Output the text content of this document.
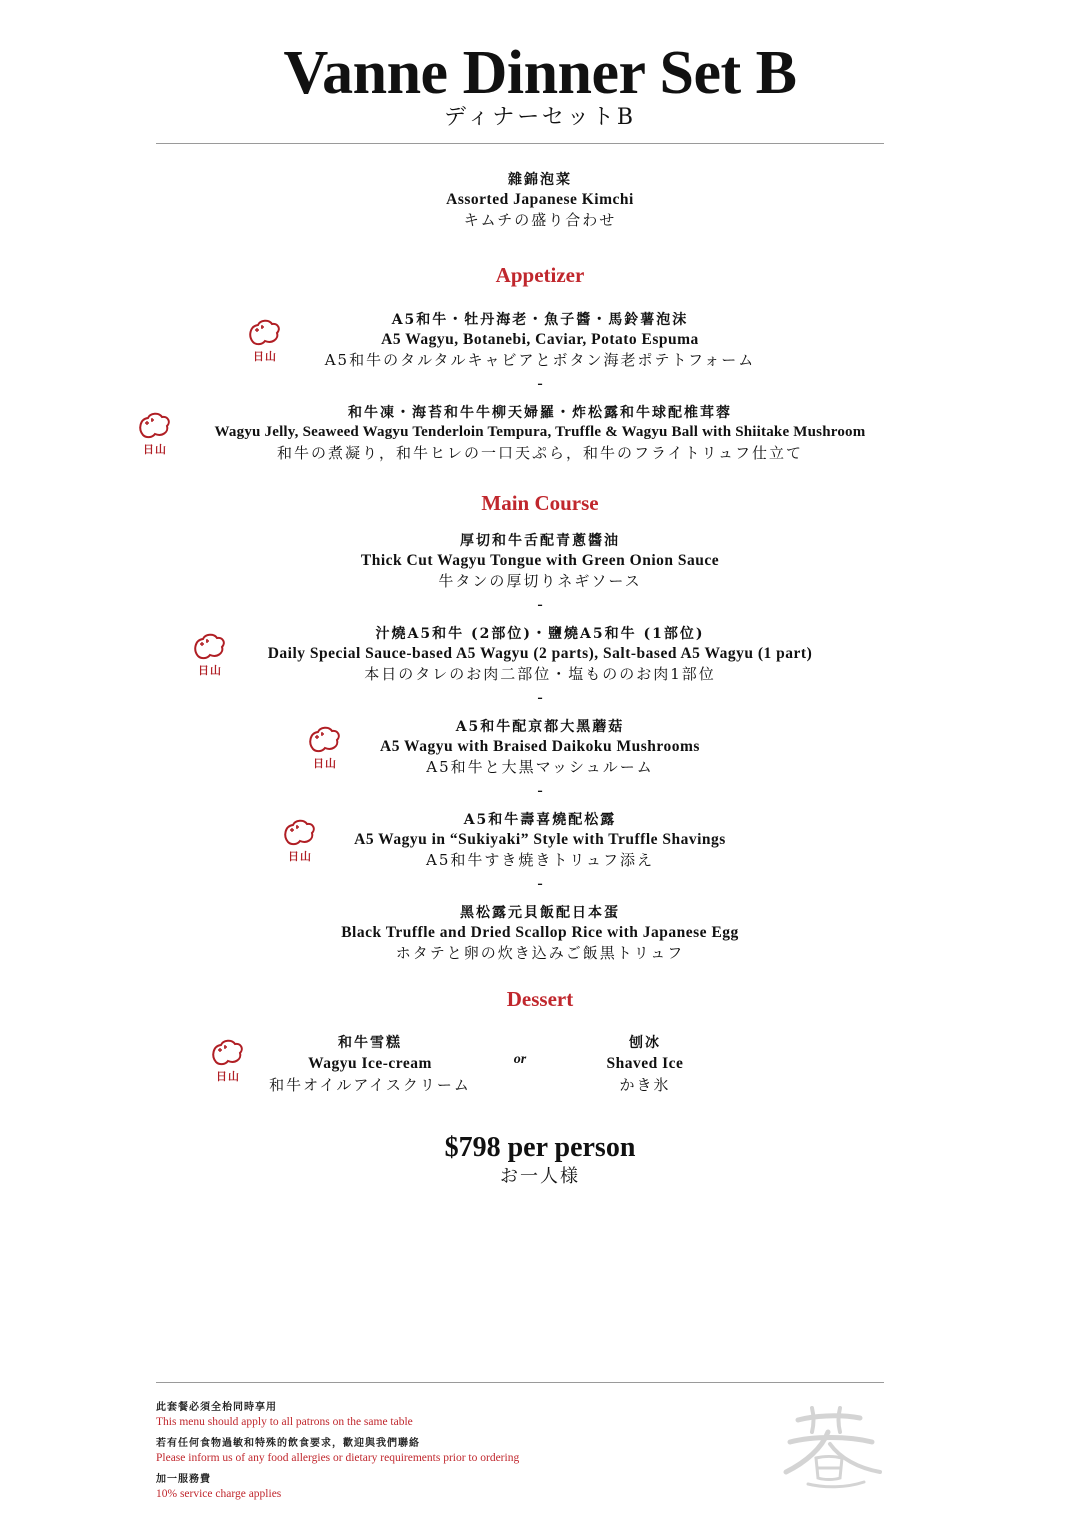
Vanne Dinner Set B
ディナーセットB
雜錦泡菜
Assorted Japanese Kimchi
キムチの盛り合わせ
Appetizer
A5和牛・牡丹海老・魚子醬・馬鈴薯泡沫
A5 Wagyu, Botanebi, Caviar, Potato Espuma
A5和牛のタルタルキャビアとボタン海老ポテトフォーム
-
和牛凍・海苔和牛牛柳天婦羅・炸松露和牛球配椎茸蓉
Wagyu Jelly, Seaweed Wagyu Tenderloin Tempura, Truffle & Wagyu Ball with Shiitake Mushroom
和牛の煮凝り，和牛ヒレの一口天ぷら，和牛のフライトリュフ仕立て
Main Course
厚切和牛舌配青蔥醬油
Thick Cut Wagyu Tongue with Green Onion Sauce
牛タンの厚切りネギソース
-
汁燒A5和牛 (2部位)・鹽燒A5和牛 (1部位)
Daily Special Sauce-based A5 Wagyu (2 parts), Salt-based A5 Wagyu (1 part)
本日のタレのお肉二部位・塩もののお肉1部位
-
A5和牛配京都大黑蘑菇
A5 Wagyu with Braised Daikoku Mushrooms
A5和牛と大黒マッシュルーム
-
A5和牛壽喜燒配松露
A5 Wagyu in “Sukiyaki” Style with Truffle Shavings
A5和牛すき焼きトリュフ添え
-
黑松露元貝飯配日本蛋
Black Truffle and Dried Scallop Rice with Japanese Egg
ホタテと卵の炊き込みご飯黒トリュフ
Dessert
和牛雪糕
Wagyu Ice-cream
和牛オイルアイスクリーム
or
刨冰
Shaved Ice
かき氷
$798 per person
お一人様
日山
日山
日山
日山
日山
日山
此套餐必須全枱同時享用
This menu should apply to all patrons on the same table
若有任何食物過敏和特殊的飲食要求，歡迎與我們聯絡
Please inform us of any food allergies or dietary requirements prior to ordering
加一服務費
10% service charge applies
